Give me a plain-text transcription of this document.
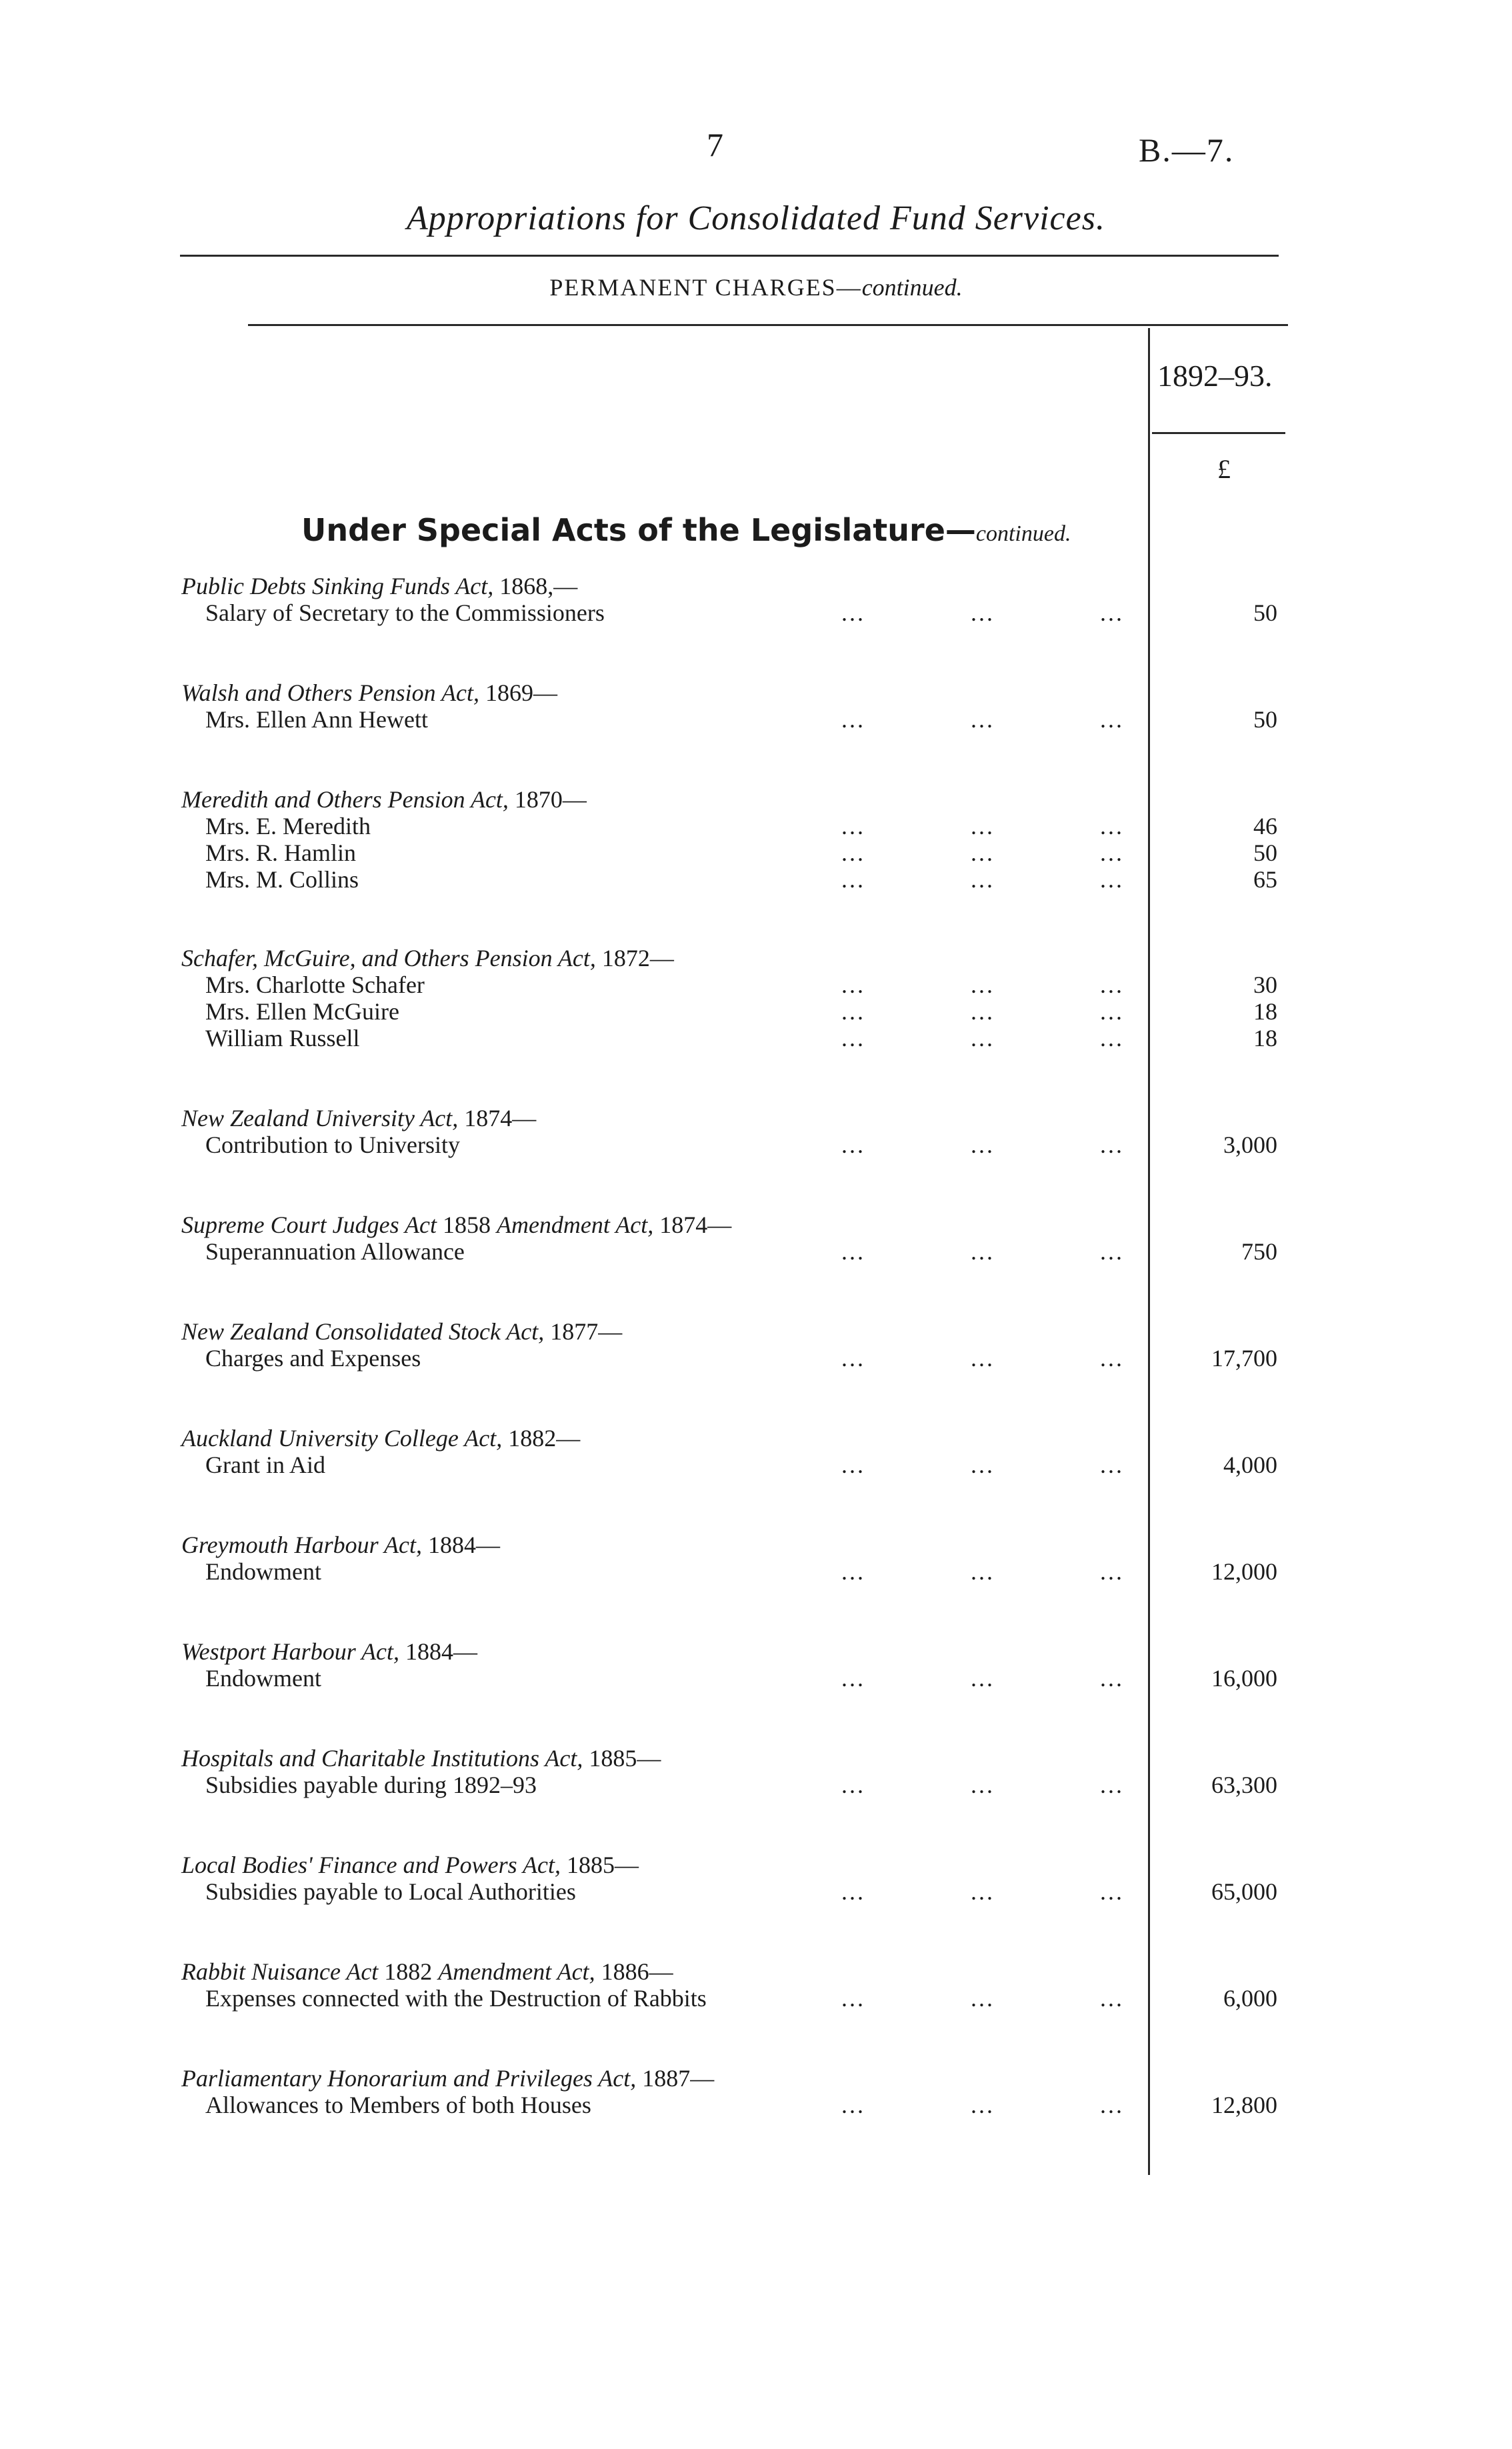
7	B.—7.
Appropriations for Consolidated Fund Services.
PERMANENT CHARGES—continued.
1892–93.
£
Under Special Acts of the Legislature—continued.
Public Debts Sinking Funds Act, 1868,—
Salary of Secretary to the Commissioners	...	...	...	50
Walsh and Others Pension Act, 1869—
Mrs. Ellen Ann Hewett	...	...	...	50
Meredith and Others Pension Act, 1870—
Mrs. E. Meredith	...	...	...	46
Mrs. R. Hamlin	...	...	...	50
Mrs. M. Collins	...	...	...	65
Schafer, McGuire, and Others Pension Act, 1872—
Mrs. Charlotte Schafer	...	...	...	30
Mrs. Ellen McGuire	...	...	...	18
William Russell	...	...	...	18
New Zealand University Act, 1874—
Contribution to University	...	...	...	3,000
Supreme Court Judges Act 1858 Amendment Act, 1874—
Superannuation Allowance	...	...	...	750
New Zealand Consolidated Stock Act, 1877—
Charges and Expenses	...	...	...	17,700
Auckland University College Act, 1882—
Grant in Aid	...	...	...	4,000
Greymouth Harbour Act, 1884—
Endowment	...	...	...	12,000
Westport Harbour Act, 1884—
Endowment	...	...	...	16,000
Hospitals and Charitable Institutions Act, 1885—
Subsidies payable during 1892–93	...	...	...	63,300
Local Bodies' Finance and Powers Act, 1885—
Subsidies payable to Local Authorities	...	...	...	65,000
Rabbit Nuisance Act 1882 Amendment Act, 1886—
Expenses connected with the Destruction of Rabbits	...	...	...	6,000
Parliamentary Honorarium and Privileges Act, 1887—
Allowances to Members of both Houses	...	...	...	12,800
